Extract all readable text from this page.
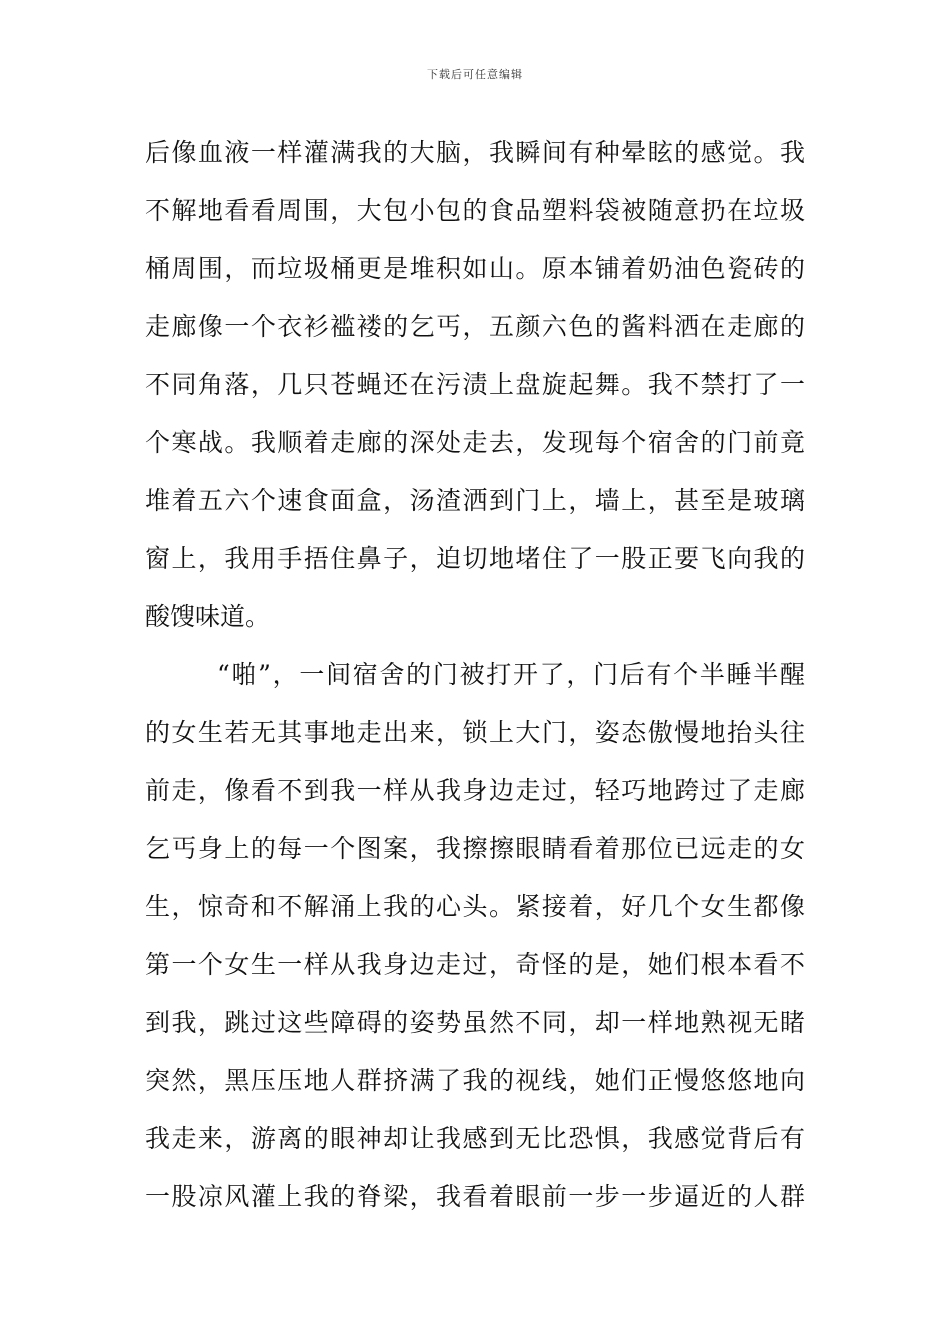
下载后可任意编辑
后像血液一样灌满我的大脑，我瞬间有种晕眩的感觉。我
不解地看看周围，大包小包的食品塑料袋被随意扔在垃圾
桶周围，而垃圾桶更是堆积如山。原本铺着奶油色瓷砖的
走廊像一个衣衫褴褛的乞丐，五颜六色的酱料洒在走廊的
不同角落，几只苍蝇还在污渍上盘旋起舞。我不禁打了一
个寒战。我顺着走廊的深处走去，发现每个宿舍的门前竟
堆着五六个速食面盒，汤渣洒到门上，墙上，甚至是玻璃
窗上，我用手捂住鼻子，迫切地堵住了一股正要飞向我的
酸馊味道。
“啪”，一间宿舍的门被打开了，门后有个半睡半醒
的女生若无其事地走出来，锁上大门，姿态傲慢地抬头往
前走，像看不到我一样从我身边走过，轻巧地跨过了走廊
乞丐身上的每一个图案，我擦擦眼睛看着那位已远走的女
生，惊奇和不解涌上我的心头。紧接着，好几个女生都像
第一个女生一样从我身边走过，奇怪的是，她们根本看不
到我，跳过这些障碍的姿势虽然不同，却一样地熟视无睹
突然，黑压压地人群挤满了我的视线，她们正慢悠悠地向
我走来，游离的眼神却让我感到无比恐惧，我感觉背后有
一股凉风灌上我的脊梁，我看着眼前一步一步逼近的人群
